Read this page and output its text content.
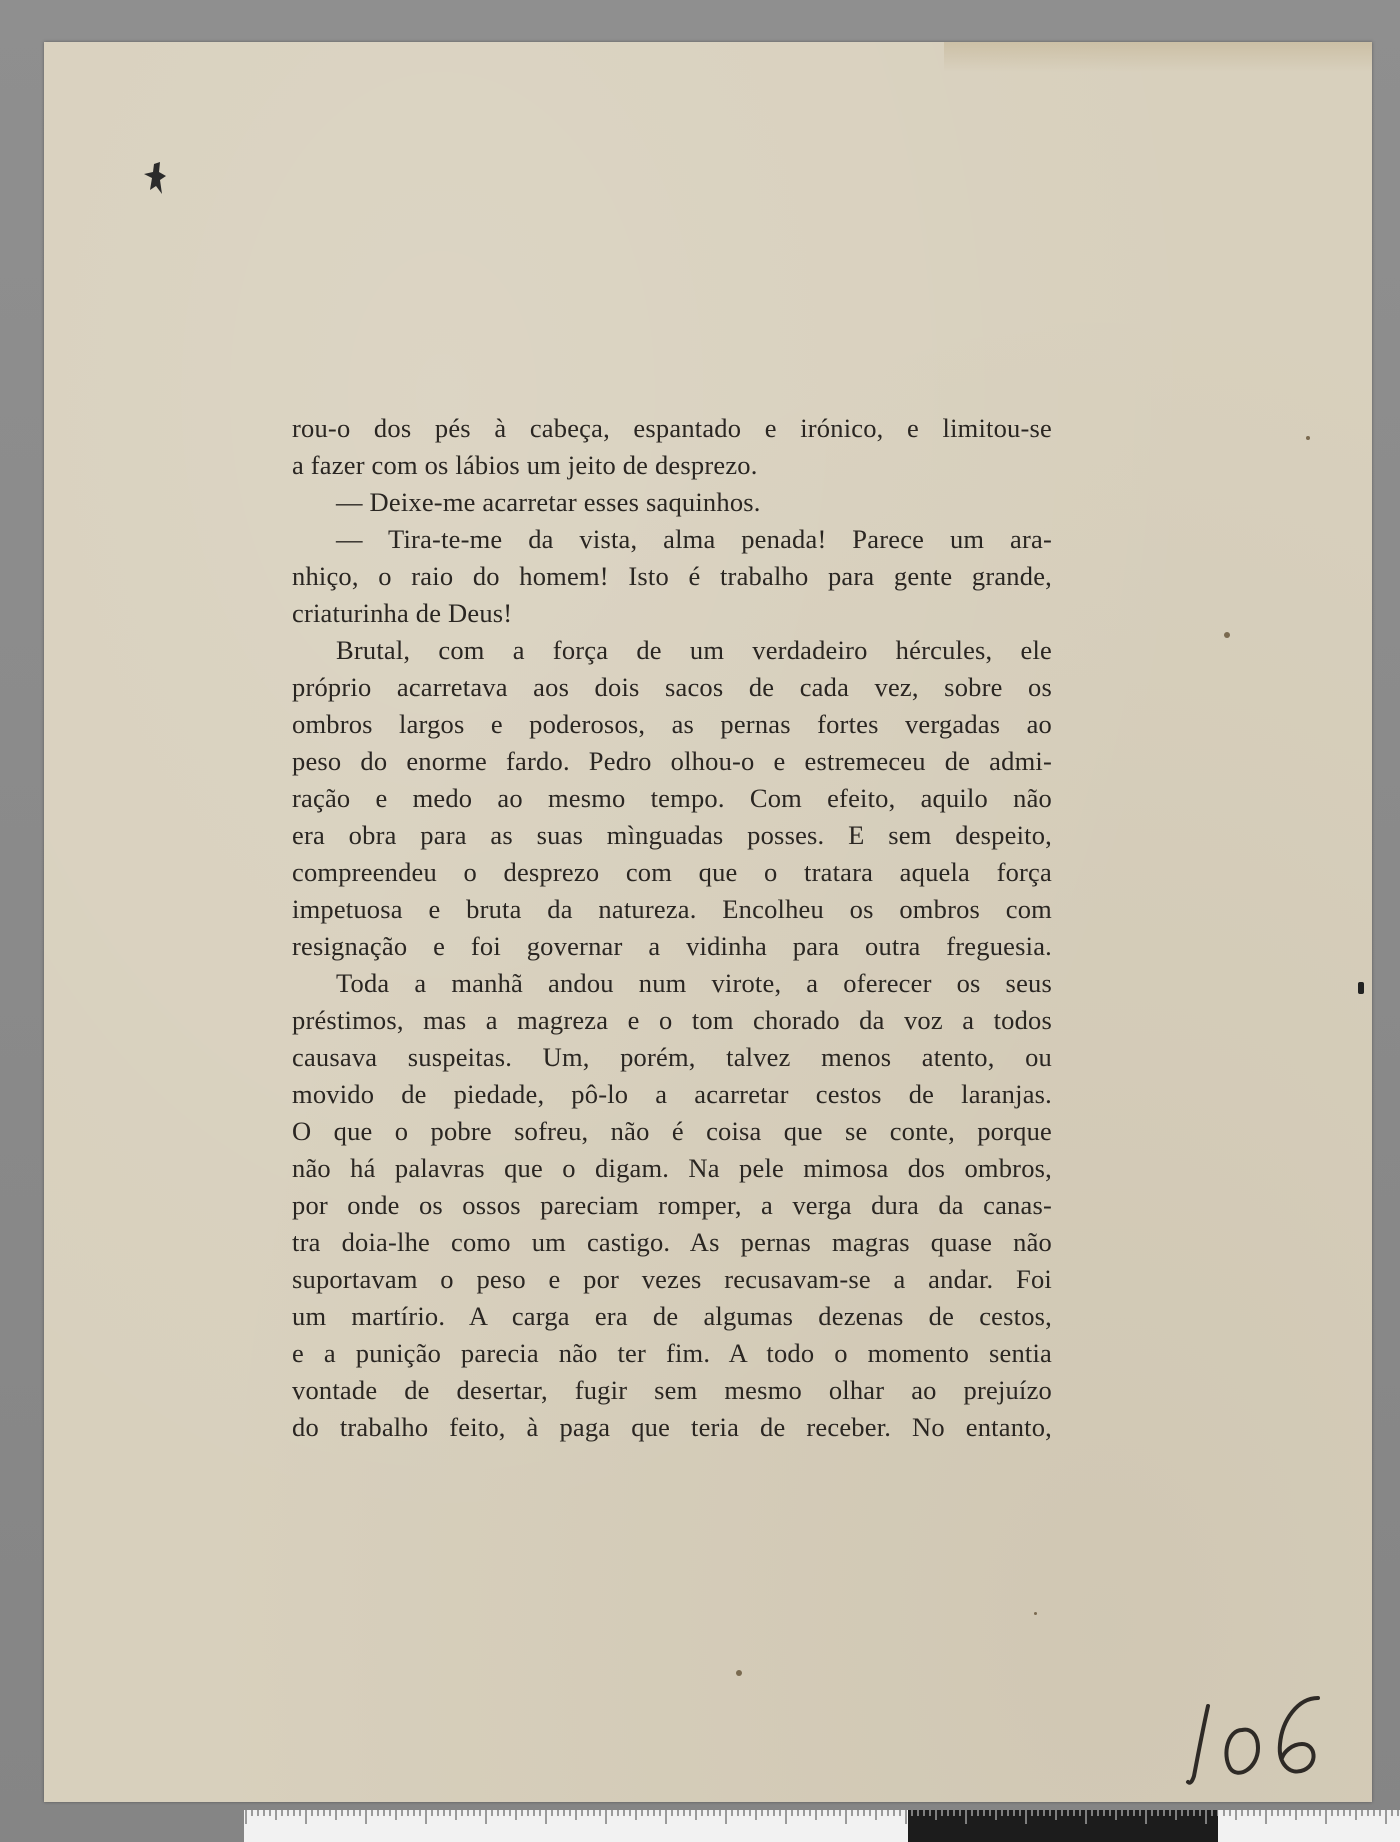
rou-o dos pés à cabeça, espantado e irónico, e limitou-se
a fazer com os lábios um jeito de desprezo.
— Deixe-me acarretar esses saquinhos.
— Tira-te-me da vista, alma penada! Parece um ara-
nhiço, o raio do homem! Isto é trabalho para gente grande,
criaturinha de Deus!
Brutal, com a força de um verdadeiro hércules, ele
próprio acarretava aos dois sacos de cada vez, sobre os
ombros largos e poderosos, as pernas fortes vergadas ao
peso do enorme fardo. Pedro olhou-o e estremeceu de admi-
ração e medo ao mesmo tempo. Com efeito, aquilo não
era obra para as suas mìnguadas posses. E sem despeito,
compreendeu o desprezo com que o tratara aquela força
impetuosa e bruta da natureza. Encolheu os ombros com
resignação e foi governar a vidinha para outra freguesia.
Toda a manhã andou num virote, a oferecer os seus
préstimos, mas a magreza e o tom chorado da voz a todos
causava suspeitas. Um, porém, talvez menos atento, ou
movido de piedade, pô-lo a acarretar cestos de laranjas.
O que o pobre sofreu, não é coisa que se conte, porque
não há palavras que o digam. Na pele mimosa dos ombros,
por onde os ossos pareciam romper, a verga dura da canas-
tra doia-lhe como um castigo. As pernas magras quase não
suportavam o peso e por vezes recusavam-se a andar. Foi
um martírio. A carga era de algumas dezenas de cestos,
e a punição parecia não ter fim. A todo o momento sentia
vontade de desertar, fugir sem mesmo olhar ao prejuízo
do trabalho feito, à paga que teria de receber. No entanto,
